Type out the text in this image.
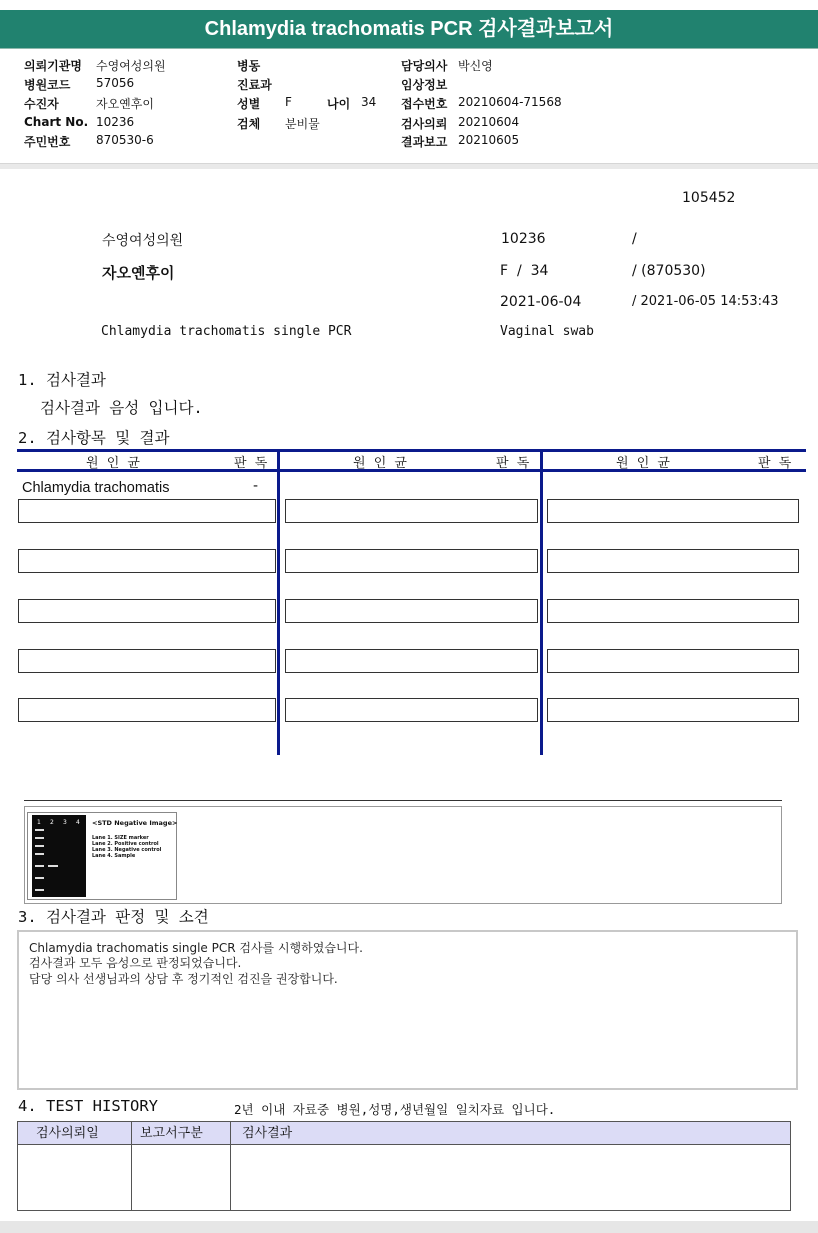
Chlamydia trachomatis PCR 검사결과보고서
의뢰기관명 수영여성의원
병원코드 57056
수진자	자오옌후이
Chart No. 10236
주민번호 870530-6
병동
진료과
성별 F	나이 34
검체 분비물
담당의사 박신영
임상정보
접수번호 20210604-71568
검사의뢰 20210604
결과보고 20210605
105452
수영여성의원	10236	/
자오옌후이	F  /  34	/ (870530)
2021-06-04	/ 2021-06-05 14:53:43
Chlamydia trachomatis single PCR	Vaginal swab
1. 검사결과
검사결과 음성 입니다.
2. 검사항목 및 결과
원 인 균	판 독	원 인 균	판 독	원 인 균	판 독
Chlamydia trachomatis	-
1 2 3 4 <STD Negative Image>
Lane 1. SIZE marker
Lane 2. Positive control
Lane 3. Negative control
Lane 4. Sample
3. 검사결과 판정 및 소견
Chlamydia trachomatis single PCR 검사를 시행하였습니다.
검사결과 모두 음성으로 판정되었습니다.
담당 의사 선생님과의 상담 후 정기적인 검진을 권장합니다.
4. TEST HISTORY	2년 이내 자료중 병원,성명,생년월일 일치자료 입니다.
검사의뢰일	보고서구분	검사결과
